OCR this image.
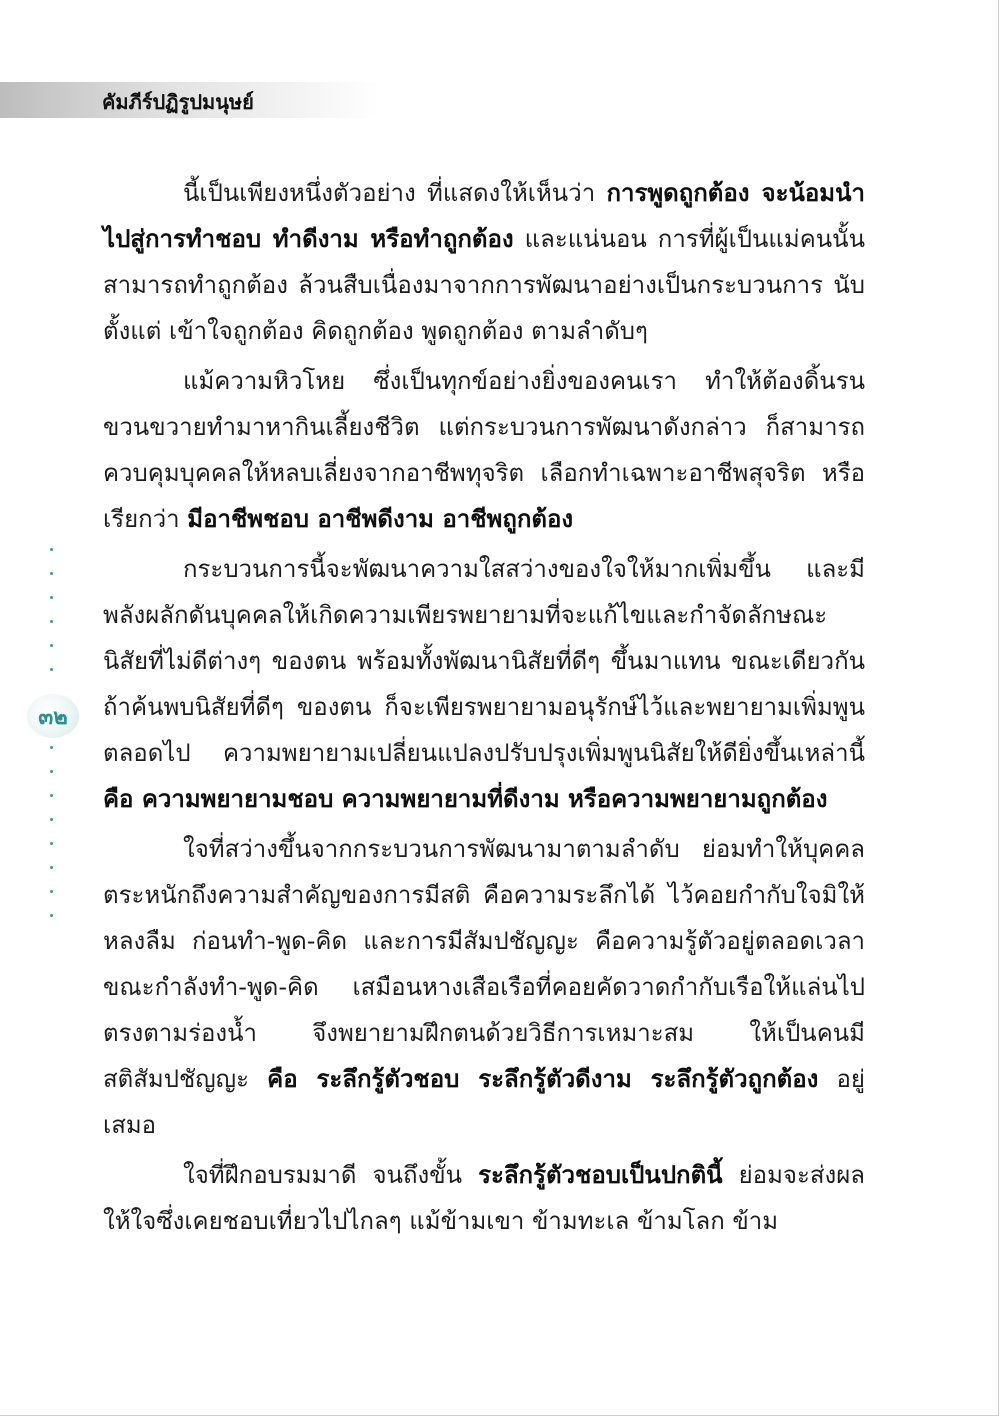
คัมภีร์ปฏิรูปมนุษย์
๓๒

นี้เป็นเพียงหนึ่งตัวอย่าง ที่แสดงให้เห็นว่า การพูดถูกต้อง จะน้อมนำไปสู่การทำชอบ ทำดีงาม หรือทำถูกต้อง และแน่นอน การที่ผู้เป็นแม่คนนั้นสามารถทำถูกต้อง ล้วนสืบเนื่องมาจากการพัฒนาอย่างเป็นกระบวนการ นับตั้งแต่ เข้าใจถูกต้อง คิดถูกต้อง พูดถูกต้อง ตามลำดับๆ

แม้ความหิวโหย ซึ่งเป็นทุกข์อย่างยิ่งของคนเรา ทำให้ต้องดิ้นรนขวนขวายทำมาหากินเลี้ยงชีวิต แต่กระบวนการพัฒนาดังกล่าว ก็สามารถควบคุมบุคคลให้หลบเลี่ยงจากอาชีพทุจริต เลือกทำเฉพาะอาชีพสุจริต หรือเรียกว่า มีอาชีพชอบ อาชีพดีงาม อาชีพถูกต้อง

กระบวนการนี้จะพัฒนาความใสสว่างของใจให้มากเพิ่มขึ้น และมีพลังผลักดันบุคคลให้เกิดความเพียรพยายามที่จะแก้ไขและกำจัดลักษณะนิสัยที่ไม่ดีต่างๆ ของตน พร้อมทั้งพัฒนานิสัยที่ดีๆ ขึ้นมาแทน ขณะเดียวกันถ้าค้นพบนิสัยที่ดีๆ ของตน ก็จะเพียรพยายามอนุรักษ์ไว้และพยายามเพิ่มพูนตลอดไป ความพยายามเปลี่ยนแปลงปรับปรุงเพิ่มพูนนิสัยให้ดียิ่งขึ้นเหล่านี้ คือ ความพยายามชอบ ความพยายามที่ดีงาม หรือความพยายามถูกต้อง

ใจที่สว่างขึ้นจากกระบวนการพัฒนามาตามลำดับ ย่อมทำให้บุคคลตระหนักถึงความสำคัญของการมีสติ คือความระลึกได้ ไว้คอยกำกับใจมิให้หลงลืม ก่อนทำ-พูด-คิด และการมีสัมปชัญญะ คือความรู้ตัวอยู่ตลอดเวลา ขณะกำลังทำ-พูด-คิด เสมือนหางเสือเรือที่คอยคัดวาดกำกับเรือให้แล่นไปตรงตามร่องน้ำ จึงพยายามฝึกตนด้วยวิธีการเหมาะสม ให้เป็นคนมีสติสัมปชัญญะ คือ ระลึกรู้ตัวชอบ ระลึกรู้ตัวดีงาม ระลึกรู้ตัวถูกต้อง อยู่เสมอ

ใจที่ฝึกอบรมมาดี จนถึงขั้น ระลึกรู้ตัวชอบเป็นปกตินี้ ย่อมจะส่งผลให้ใจซึ่งเคยชอบเที่ยวไปไกลๆ แม้ข้ามเขา ข้ามทะเล ข้ามโลก ข้าม
